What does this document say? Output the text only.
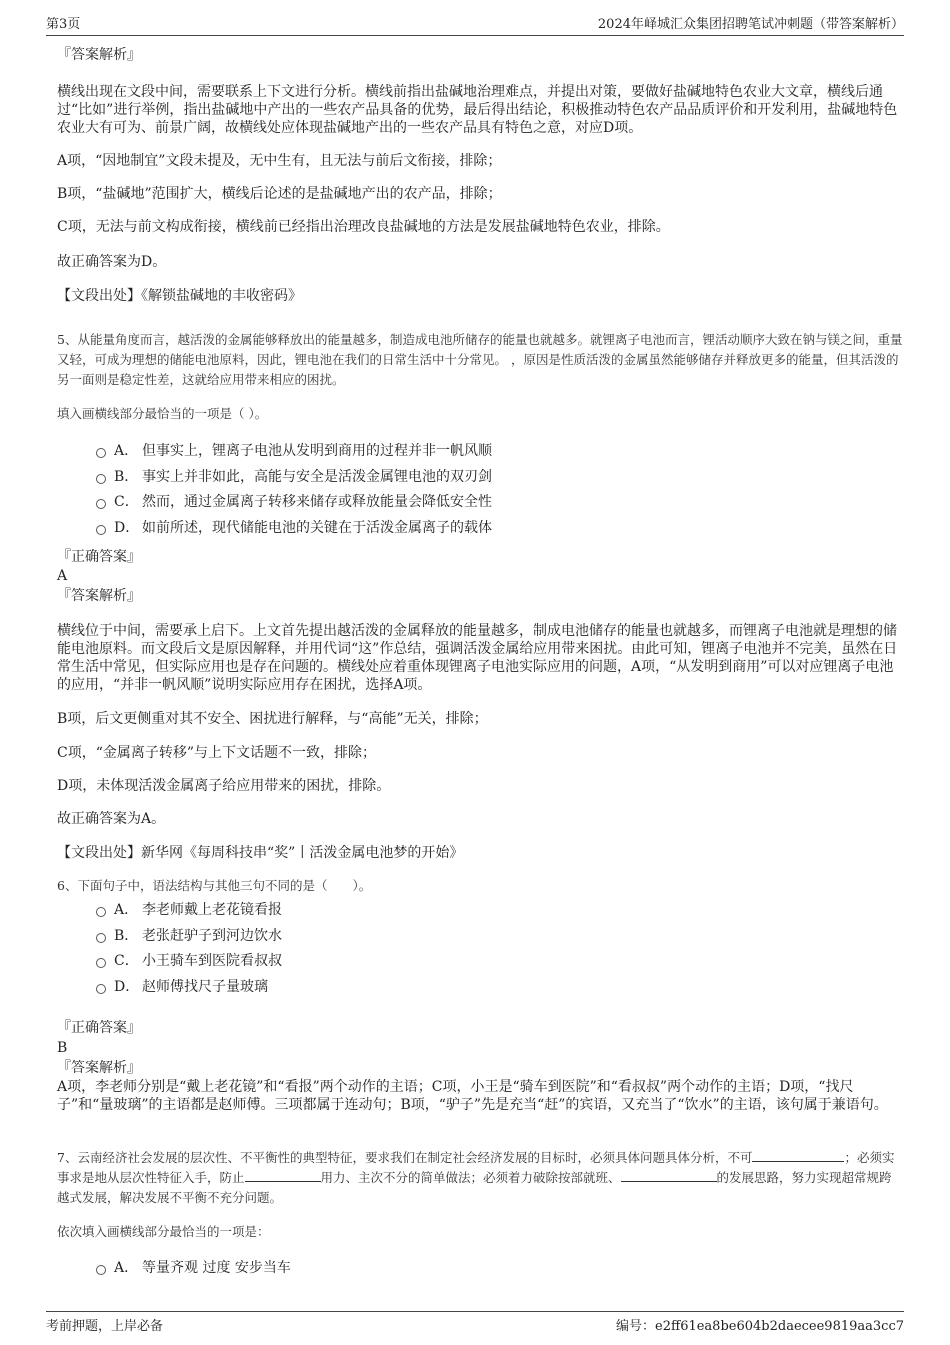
第3页	2024年峄城汇众集团招聘笔试冲刺题（带答案解析）
『答案解析』
横线出现在文段中间，需要联系上下文进行分析。横线前指出盐碱地治理难点，并提出对策，要做好盐碱地特色农业大文章，横线后通过“比如”进行举例，指出盐碱地中产出的一些农产品具备的优势，最后得出结论，积极推动特色农产品品质评价和开发利用，盐碱地特色农业大有可为、前景广阔，故横线处应体现盐碱地产出的一些农产品具有特色之意，对应D项。
A项，“因地制宜”文段未提及，无中生有，且无法与前后文衔接，排除；
B项，“盐碱地”范围扩大，横线后论述的是盐碱地产出的农产品，排除；
C项，无法与前文构成衔接，横线前已经指出治理改良盐碱地的方法是发展盐碱地特色农业，排除。
故正确答案为D。
【文段出处】《解锁盐碱地的丰收密码》
5、从能量角度而言，越活泼的金属能够释放出的能量越多，制造成电池所储存的能量也就越多。就锂离子电池而言，锂活动顺序大致在钠与镁之间，重量又轻，可成为理想的储能电池原料，因此，锂电池在我们的日常生活中十分常见。 ，原因是性质活泼的金属虽然能够储存并释放更多的能量，但其活泼的另一面则是稳定性差，这就给应用带来相应的困扰。
填入画横线部分最恰当的一项是（ ）。
A． 但事实上，锂离子电池从发明到商用的过程并非一帆风顺
B． 事实上并非如此，高能与安全是活泼金属锂电池的双刃剑
C． 然而，通过金属离子转移来储存或释放能量会降低安全性
D． 如前所述，现代储能电池的关键在于活泼金属离子的载体
『正确答案』
A
『答案解析』
横线位于中间，需要承上启下。上文首先提出越活泼的金属释放的能量越多，制成电池储存的能量也就越多，而锂离子电池就是理想的储能电池原料。而文段后文是原因解释，并用代词“这”作总结，强调活泼金属给应用带来困扰。由此可知，锂离子电池并不完美，虽然在日常生活中常见，但实际应用也是存在问题的。横线处应着重体现锂离子电池实际应用的问题，A项，“从发明到商用”可以对应锂离子电池的应用，“并非一帆风顺”说明实际应用存在困扰，选择A项。
B项，后文更侧重对其不安全、困扰进行解释，与“高能”无关，排除；
C项，“金属离子转移”与上下文话题不一致，排除；
D项，未体现活泼金属离子给应用带来的困扰，排除。
故正确答案为A。
【文段出处】新华网《每周科技串“奖”丨活泼金属电池梦的开始》
6、下面句子中，语法结构与其他三句不同的是（　　）。
A． 李老师戴上老花镜看报
B． 老张赶驴子到河边饮水
C． 小王骑车到医院看叔叔
D． 赵师傅找尺子量玻璃
『正确答案』
B
『答案解析』
A项，李老师分别是“戴上老花镜”和“看报”两个动作的主语；C项，小王是“骑车到医院”和“看叔叔”两个动作的主语；D项，“找尺子”和“量玻璃”的主语都是赵师傅。三项都属于连动句；B项，“驴子”先是充当“赶”的宾语，又充当了“饮水”的主语，该句属于兼语句。
7、云南经济社会发展的层次性、不平衡性的典型特征，要求我们在制定社会经济发展的目标时，必须具体问题具体分析，不可	；必须实事求是地从层次性特征入手，防止	用力、主次不分的简单做法；必须着力破除按部就班、	的发展思路，努力实现超常规跨越式发展，解决发展不平衡不充分问题。
依次填入画横线部分最恰当的一项是：
A． 等量齐观 过度 安步当车
考前押题，上岸必备	编号：e2ff61ea8be604b2daecee9819aa3cc7
